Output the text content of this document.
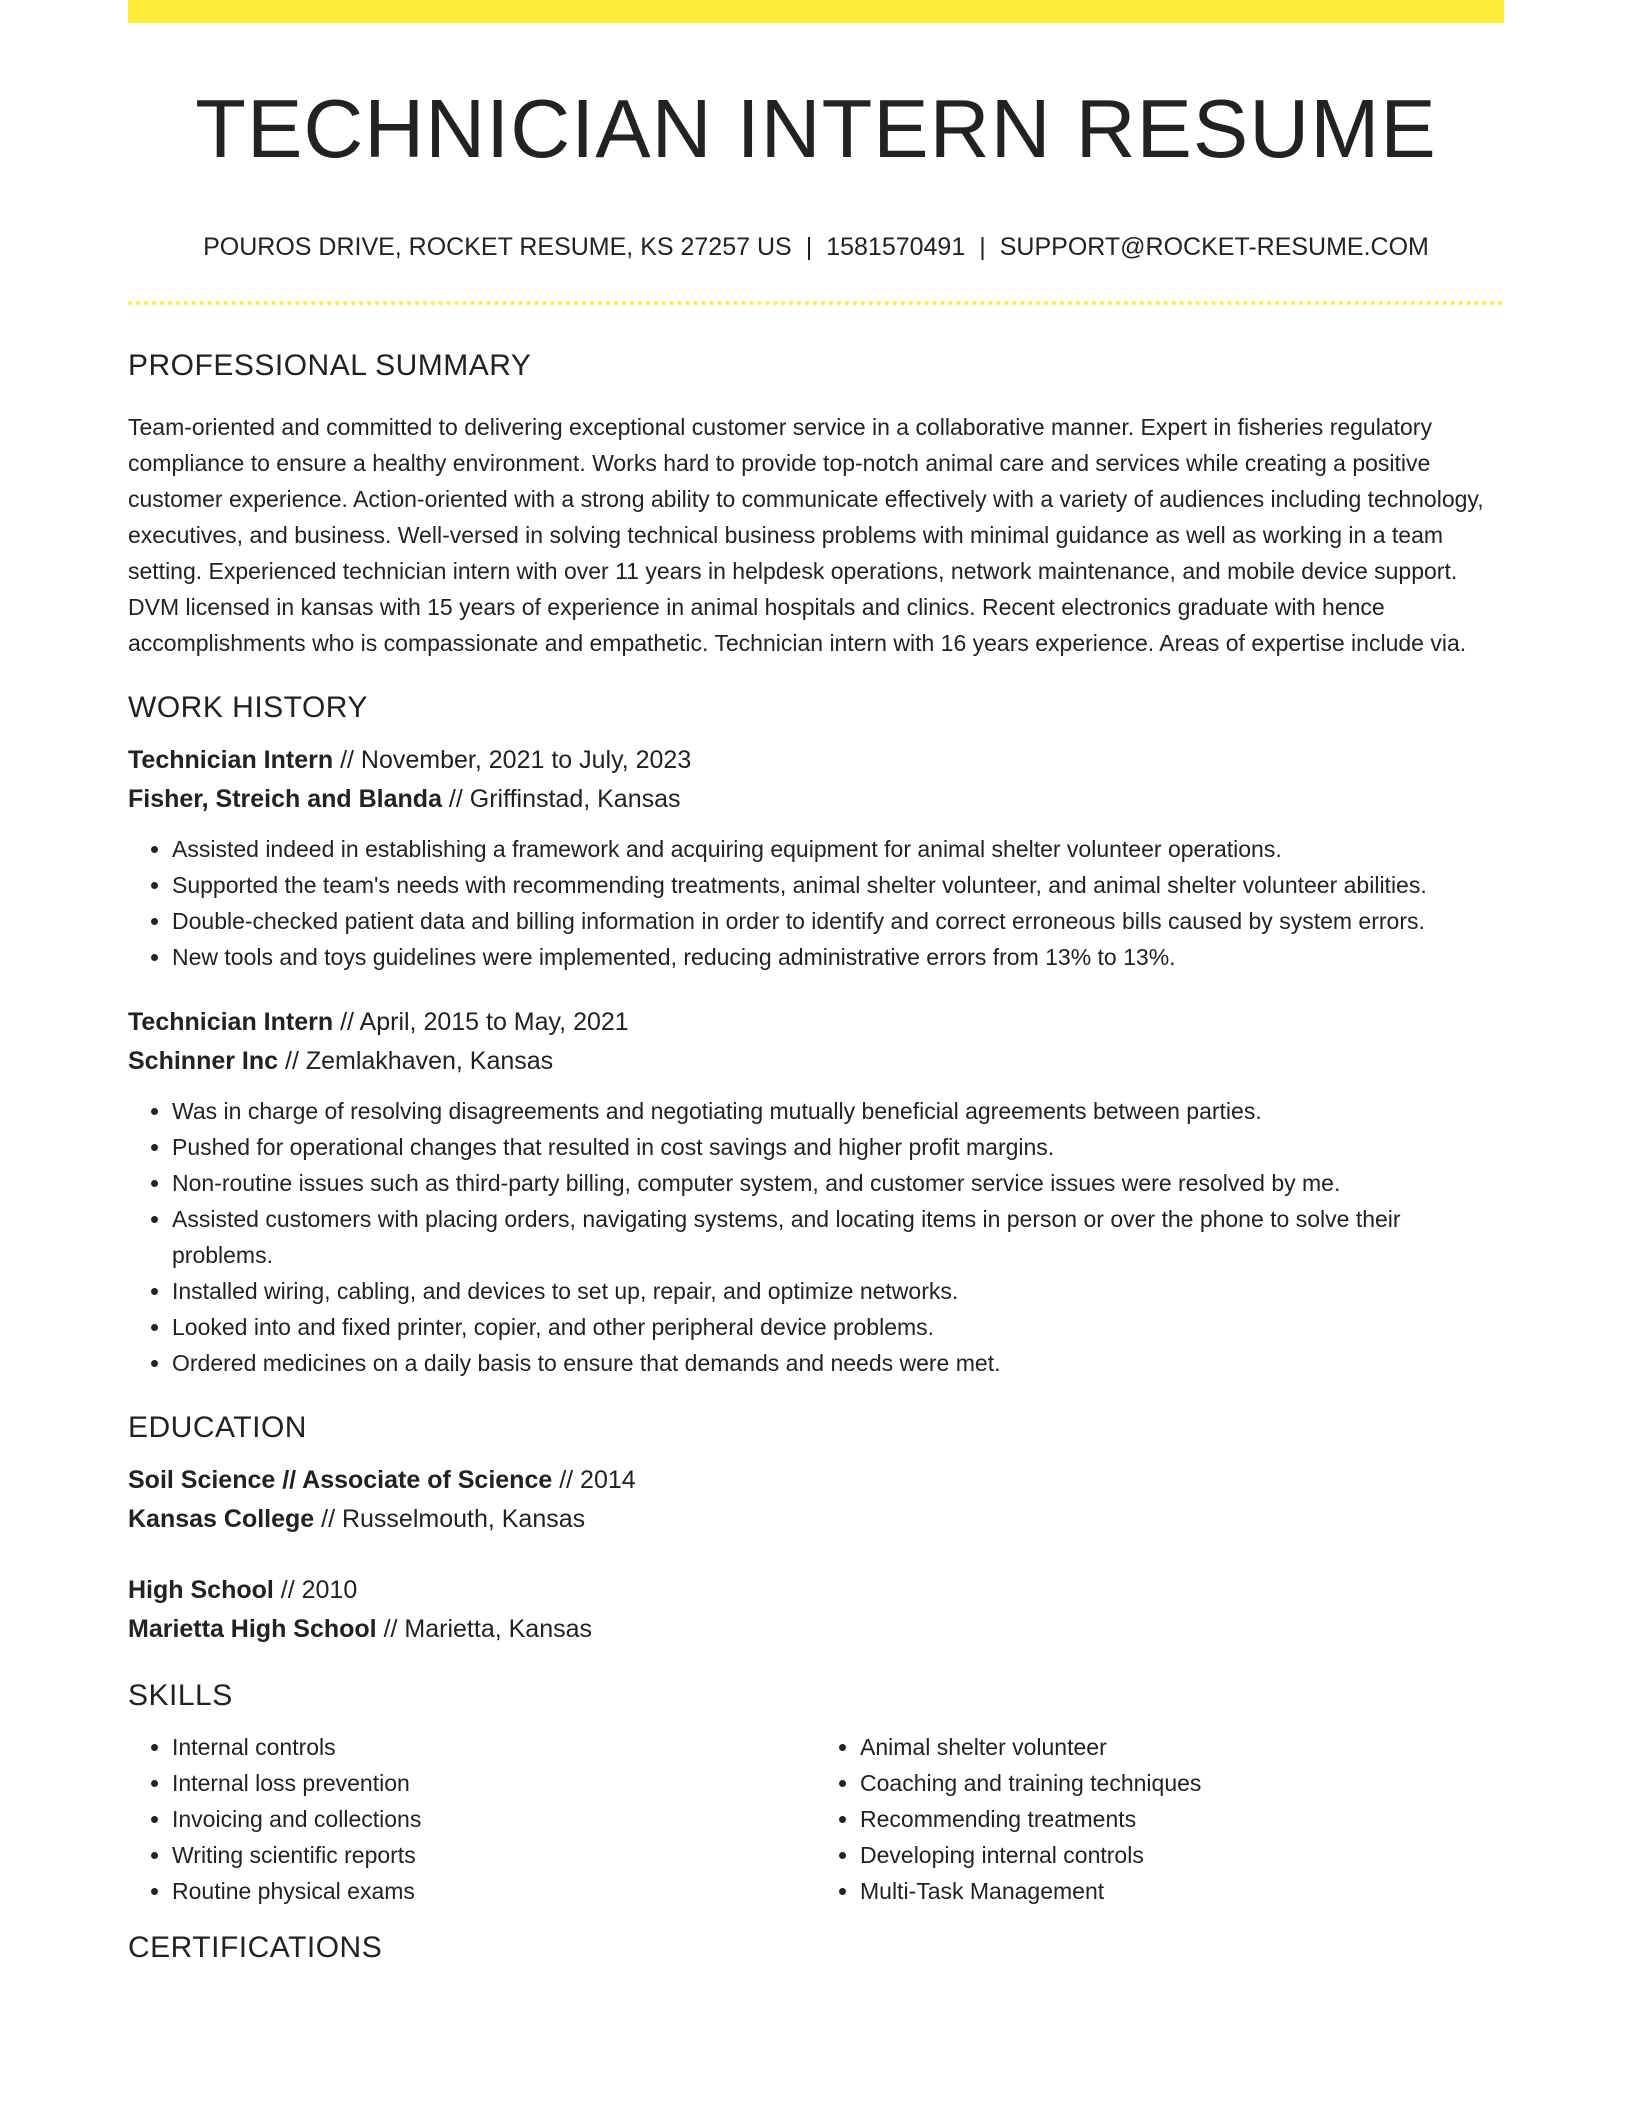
TECHNICIAN INTERN RESUME
POUROS DRIVE, ROCKET RESUME, KS 27257 US | 1581570491 | SUPPORT@ROCKET-RESUME.COM
PROFESSIONAL SUMMARY
Team-oriented and committed to delivering exceptional customer service in a collaborative manner. Expert in fisheries regulatory compliance to ensure a healthy environment. Works hard to provide top-notch animal care and services while creating a positive customer experience. Action-oriented with a strong ability to communicate effectively with a variety of audiences including technology, executives, and business. Well-versed in solving technical business problems with minimal guidance as well as working in a team setting. Experienced technician intern with over 11 years in helpdesk operations, network maintenance, and mobile device support. DVM licensed in kansas with 15 years of experience in animal hospitals and clinics. Recent electronics graduate with hence accomplishments who is compassionate and empathetic. Technician intern with 16 years experience. Areas of expertise include via.
WORK HISTORY
Technician Intern // November, 2021 to July, 2023
Fisher, Streich and Blanda // Griffinstad, Kansas
• Assisted indeed in establishing a framework and acquiring equipment for animal shelter volunteer operations.
• Supported the team's needs with recommending treatments, animal shelter volunteer, and animal shelter volunteer abilities.
• Double-checked patient data and billing information in order to identify and correct erroneous bills caused by system errors.
• New tools and toys guidelines were implemented, reducing administrative errors from 13% to 13%.
Technician Intern // April, 2015 to May, 2021
Schinner Inc // Zemlakhaven, Kansas
• Was in charge of resolving disagreements and negotiating mutually beneficial agreements between parties.
• Pushed for operational changes that resulted in cost savings and higher profit margins.
• Non-routine issues such as third-party billing, computer system, and customer service issues were resolved by me.
• Assisted customers with placing orders, navigating systems, and locating items in person or over the phone to solve their problems.
• Installed wiring, cabling, and devices to set up, repair, and optimize networks.
• Looked into and fixed printer, copier, and other peripheral device problems.
• Ordered medicines on a daily basis to ensure that demands and needs were met.
EDUCATION
Soil Science // Associate of Science // 2014
Kansas College // Russelmouth, Kansas
High School // 2010
Marietta High School // Marietta, Kansas
SKILLS
• Internal controls
• Internal loss prevention
• Invoicing and collections
• Writing scientific reports
• Routine physical exams
• Animal shelter volunteer
• Coaching and training techniques
• Recommending treatments
• Developing internal controls
• Multi-Task Management
CERTIFICATIONS
